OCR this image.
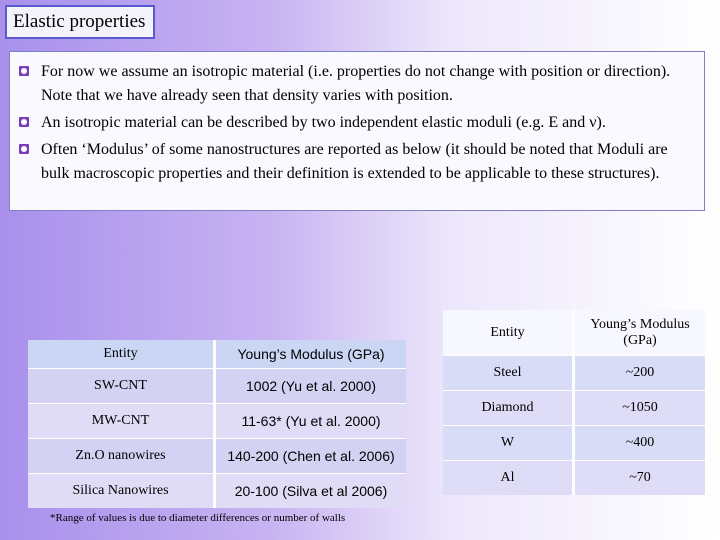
Elastic properties
For now we assume an isotropic material (i.e. properties do not change with position or direction). Note that we have already seen that density varies with position.
An isotropic material can be described by two independent elastic moduli (e.g. E and ν).
Often ‘Modulus’ of some nanostructures are reported as below (it should be noted that Moduli are bulk macroscopic properties and their definition is extended to be applicable to these structures).
Entity	Young’s Modulus (GPa)
SW-CNT	1002 (Yu et al. 2000)
MW-CNT	11-63* (Yu et al. 2000)
Zn.O nanowires	140-200 (Chen et al. 2006)
Silica Nanowires	20-100 (Silva et al 2006)
Entity	Young’s Modulus (GPa)
Steel	~200
Diamond	~1050
W	~400
Al	~70
*Range of values is due to diameter differences or number of walls
